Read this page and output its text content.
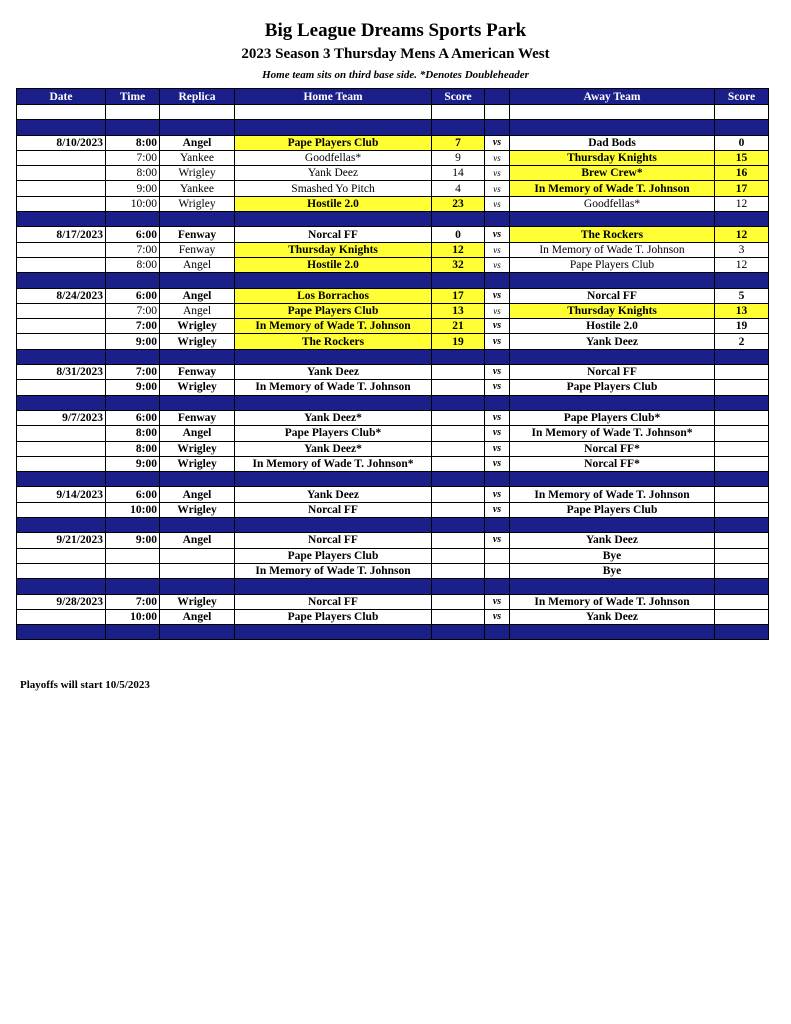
Big League Dreams Sports Park
2023 Season 3 Thursday Mens A American West
Home team sits on third base side. *Denotes Doubleheader
Date	Time	Replica	Home Team	Score		Away Team	Score

8/10/2023	8:00	Angel	Pape Players Club	7	vs	Dad Bods	0
	7:00	Yankee	Goodfellas*	9	vs	Thursday Knights	15
	8:00	Wrigley	Yank Deez	14	vs	Brew Crew*	16
	9:00	Yankee	Smashed Yo Pitch	4	vs	In Memory of Wade T. Johnson	17
	10:00	Wrigley	Hostile 2.0	23	vs	Goodfellas*	12

8/17/2023	6:00	Fenway	Norcal FF	0	vs	The Rockers	12
	7:00	Fenway	Thursday Knights	12	vs	In Memory of Wade T. Johnson	3
	8:00	Angel	Hostile 2.0	32	vs	Pape Players Club	12

8/24/2023	6:00	Angel	Los Borrachos	17	vs	Norcal FF	5
	7:00	Angel	Pape Players Club	13	vs	Thursday Knights	13
	7:00	Wrigley	In Memory of Wade T. Johnson	21	vs	Hostile 2.0	19
	9:00	Wrigley	The Rockers	19	vs	Yank Deez	2

8/31/2023	7:00	Fenway	Yank Deez		vs	Norcal FF	
	9:00	Wrigley	In Memory of Wade T. Johnson		vs	Pape Players Club	

9/7/2023	6:00	Fenway	Yank Deez*		vs	Pape Players Club*	
	8:00	Angel	Pape Players Club*		vs	In Memory of Wade T. Johnson*	
	8:00	Wrigley	Yank Deez*		vs	Norcal FF*	
	9:00	Wrigley	In Memory of Wade T. Johnson*		vs	Norcal FF*	

9/14/2023	6:00	Angel	Yank Deez		vs	In Memory of Wade T. Johnson	
	10:00	Wrigley	Norcal FF		vs	Pape Players Club	

9/21/2023	9:00	Angel	Norcal FF		vs	Yank Deez	
			Pape Players Club			Bye	
			In Memory of Wade T. Johnson			Bye	

9/28/2023	7:00	Wrigley	Norcal FF		vs	In Memory of Wade T. Johnson	
	10:00	Angel	Pape Players Club		vs	Yank Deez	

Playoffs will start 10/5/2023
